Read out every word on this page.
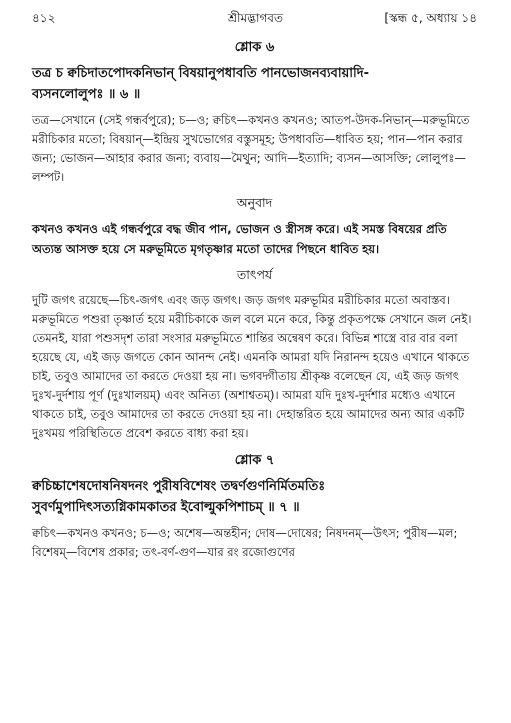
৪১২	[স্কন্ধ ৫, অধ্যায় ১৪
শ্রীমদ্ভাগবত
শ্লোক ৬

তত্র চ ক্বচিদাতপোদকনিভান্‌ বিষয়ানুপধাবতি পানভোজনব্যবায়াদি-

ব্যসনলোলুপঃ ॥ ৬ ॥

তত্র—সেখানে (সেই গন্ধর্বপুরে); চ—ও; ক্বচিৎ—কখনও কখনও; আতপ-উদক-নিভান্‌—মরুভূমিতে মরীচিকার মতো; বিষয়ান্‌—ইন্দ্রিয় সুখভোগের বস্তুসমূহ; উপধাবতি—ধাবিত হয়; পান—পান করার জন্য; ভোজন—আহার করার জন্য; ব্যবায়—মৈথুন; আদি—ইত্যাদি; ব্যসন—আসক্তি; লোলুপঃ—লম্পট।

অনুবাদ

কখনও কখনও এই গন্ধর্বপুরে বদ্ধ জীব পান, ভোজন ও স্ত্রীসঙ্গ করে। এই সমস্ত বিষয়ের প্রতি অত্যন্ত আসক্ত হয়ে সে মরুভূমিতে মৃগতৃষ্ণার মতো তাদের পিছনে ধাবিত হয়।

তাৎপর্য

দুটি জগৎ রয়েছে—চিৎ-জগৎ এবং জড় জগৎ। জড় জগৎ মরুভূমির মরীচিকার মতো অবাস্তব। মরুভূমিতে পশুরা তৃষ্ণার্ত হয়ে মরীচিকাকে জল বলে মনে করে, কিন্তু প্রকৃতপক্ষে সেখানে জল নেই। তেমনই, যারা পশুসদৃশ তারা সংসার মরুভূমিতে শান্তির অন্বেষণ করে। বিভিন্ন শাস্ত্রে বার বার বলা হয়েছে যে, এই জড় জগতে কোন আনন্দ নেই। এমনকি আমরা যদি নিরানন্দ হয়েও এখানে থাকতে চাই, তবুও আমাদের তা করতে দেওয়া হয় না। ভগবদ্গীতায় শ্রীকৃষ্ণ বলেছেন যে, এই জড় জগৎ দুঃখ-দুর্দশায় পূর্ণ (দুঃখালয়ম্‌) এবং অনিত্য (অশাশ্বতম্‌)। আমরা যদি দুঃখ-দুর্দশার মধ্যেও এখানে থাকতে চাই, তবুও আমাদের তা করতে দেওয়া হয় না। দেহান্তরিত হয়ে আমাদের অন্য আর একটি দুঃখময় পরিস্থিতিতে প্রবেশ করতে বাধ্য করা হয়।

শ্লোক ৭

ক্বচিচ্চাশেষদোষনিষদনং পুরীষবিশেষং তদ্বর্ণগুণনির্মিতমতিঃ

সুবর্ণমুপাদিৎসত্যগ্নিকামকাতর ইবোল্মুকপিশাচম্‌ ॥ ৭ ॥

ক্বচিৎ—কখনও কখনও; চ—ও; অশেষ—অন্তহীন; দোষ—দোষের; নিষদনম্‌—উৎস; পুরীষ—মল; বিশেষম্‌—বিশেষ প্রকার; তৎ-বর্ণ-গুণ—যার রং রজোগুণের
